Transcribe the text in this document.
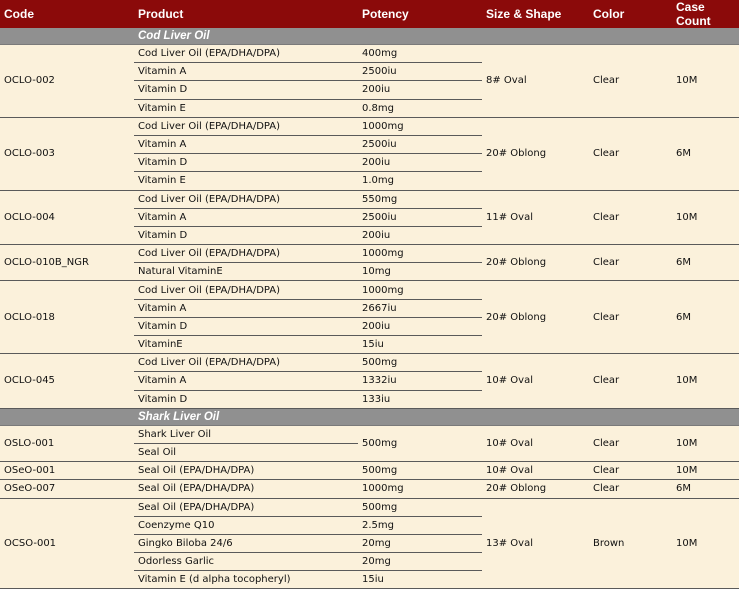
Code	Product	Potency	Size & Shape	Color	Case Count
	Cod Liver Oil				
OCLO-002	Cod Liver Oil (EPA/DHA/DPA)	400mg	8# Oval	Clear	10M
	Vitamin A	2500iu			
	Vitamin D	200iu			
	Vitamin E	0.8mg			
OCLO-003	Cod Liver Oil (EPA/DHA/DPA)	1000mg	20# Oblong	Clear	6M
	Vitamin A	2500iu			
	Vitamin D	200iu			
	Vitamin E	1.0mg			
OCLO-004	Cod Liver Oil (EPA/DHA/DPA)	550mg	11# Oval	Clear	10M
	Vitamin A	2500iu			
	Vitamin D	200iu			
OCLO-010B_NGR	Cod Liver Oil (EPA/DHA/DPA)	1000mg	20# Oblong	Clear	6M
	Natural VitaminE	10mg			
OCLO-018	Cod Liver Oil (EPA/DHA/DPA)	1000mg	20# Oblong	Clear	6M
	Vitamin A	2667iu			
	Vitamin D	200iu			
	VitaminE	15iu			
OCLO-045	Cod Liver Oil (EPA/DHA/DPA)	500mg	10# Oval	Clear	10M
	Vitamin A	1332iu			
	Vitamin D	133iu			
	Shark Liver Oil				
OSLO-001	Shark Liver Oil	500mg	10# Oval	Clear	10M
	Seal Oil				
OSeO-001	Seal Oil (EPA/DHA/DPA)	500mg	10# Oval	Clear	10M
OSeO-007	Seal Oil (EPA/DHA/DPA)	1000mg	20# Oblong	Clear	6M
OCSO-001	Seal Oil (EPA/DHA/DPA)	500mg	13# Oval	Brown	10M
	Coenzyme Q10	2.5mg			
	Gingko Biloba 24/6	20mg			
	Odorless Garlic	20mg			
	Vitamin E (d alpha tocopheryl)	15iu			
